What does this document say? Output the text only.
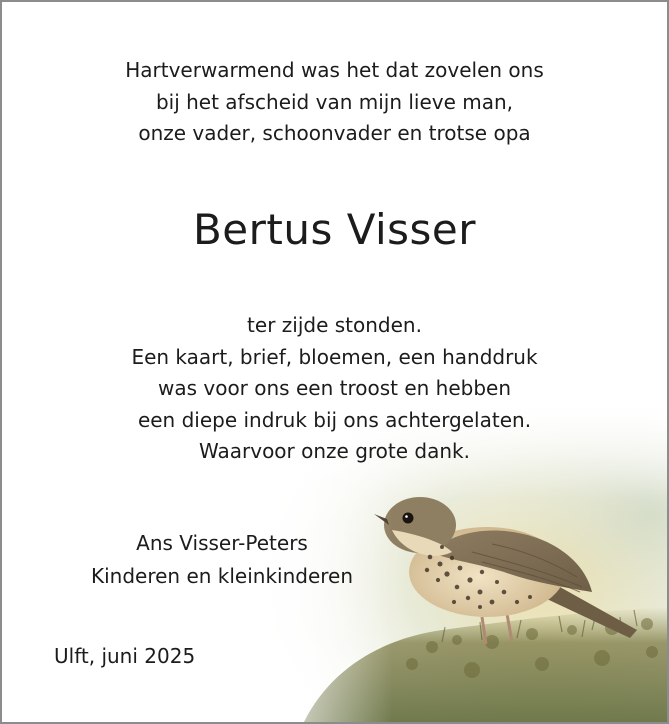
Hartverwarmend was het dat zovelen ons
bij het afscheid van mijn lieve man,
onze vader, schoonvader en trotse opa
Bertus Visser
ter zijde stonden.
Een kaart, brief, bloemen, een handdruk
was voor ons een troost en hebben
een diepe indruk bij ons achtergelaten.
Waarvoor onze grote dank.
Ans Visser-Peters
Kinderen en kleinkinderen
Ulft, juni 2025
